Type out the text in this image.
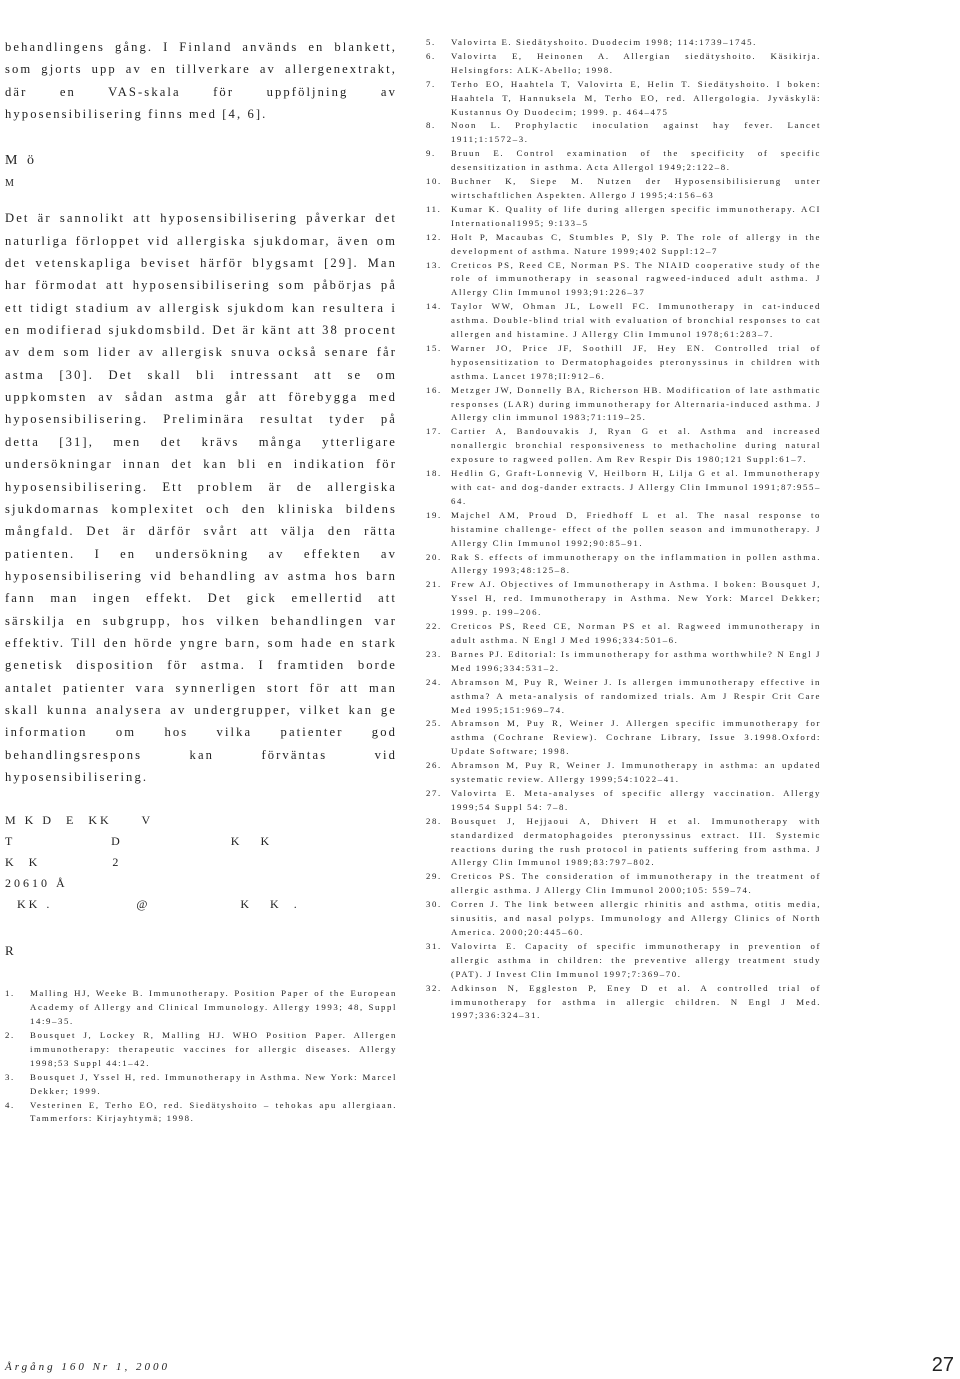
behandlingens gång. I Finland används en blankett, som gjorts upp av en tillverkare av allergenextrakt, där en VAS-skala för uppföljning av hyposensibilisering finns med [4, 6].

M ö
M

Det är sannolikt att hyposensibilisering påverkar det naturliga förloppet vid allergiska sjukdomar, även om det vetenskapliga beviset härför blygsamt [29]. Man har förmodat att hyposensibilisering som påbörjas på ett tidigt stadium av allergisk sjukdom kan resultera i en modifierad sjukdomsbild. Det är känt att 38 procent av dem som lider av allergisk snuva också senare får astma [30]. Det skall bli intressant att se om uppkomsten av sådan astma går att förebygga med hyposensibilisering. Preliminära resultat tyder på detta [31], men det krävs många ytterligare undersökningar innan det kan bli en indikation för hyposensibilisering. Ett problem är de allergiska sjukdomarnas komplexitet och den kliniska bildens mångfald. Det är därför svårt att välja den rätta patienten. I en undersökning av effekten av hyposensibilisering vid behandling av astma hos barn fann man ingen effekt. Det gick emellertid att särskilja en subgrupp, hos vilken behandlingen var effektiv. Till den hörde yngre barn, som hade en stark genetisk disposition för astma. I framtiden borde antalet patienter vara synnerligen stort för att man skall kunna analysera av undergrupper, vilket kan ge information om hos vilka patienter god behandlingsrespons kan förväntas vid hyposensibilisering.

M K D  E  KK     V
T                D                  K   K
K  K            2
20610 Å
KK .              @               K   K  .
R
1. Malling HJ, Weeke B. Immunotherapy. Position Paper of the European Academy of Allergy and Clinical Immunology. Allergy 1993; 48, Suppl 14:9–35.
2. Bousquet J, Lockey R, Malling HJ. WHO Position Paper. Allergen immunotherapy: therapeutic vaccines for allergic diseases. Allergy 1998;53 Suppl 44:1–42.
3. Bousquet J, Yssel H, red. Immunotherapy in Asthma. New York: Marcel Dekker; 1999.
4. Vesterinen E, Terho EO, red. Siedätyshoito – tehokas apu allergiaan. Tammerfors: Kirjayhtymä; 1998.
5. Valovirta E. Siedätyshoito. Duodecim 1998; 114:1739–1745.
6. Valovirta E, Heinonen A. Allergian siedätyshoito. Käsikirja. Helsingfors: ALK-Abello; 1998.
7. Terho EO, Haahtela T, Valovirta E, Helin T. Siedätyshoito. I boken: Haahtela T, Hannuksela M, Terho EO, red. Allergologia. Jyväskylä: Kustannus Oy Duodecim; 1999. p. 464–475
8. Noon L. Prophylactic inoculation against hay fever. Lancet 1911;1:1572–3.
9. Bruun E. Control examination of the specificity of specific desensitization in asthma. Acta Allergol 1949;2:122–8.
10. Buchner K, Siepe M. Nutzen der Hyposensibilisierung unter wirtschaftlichen Aspekten. Allergo J 1995;4:156–63
11. Kumar K. Quality of life during allergen specific immunotherapy. ACI International1995; 9:133–5
12. Holt P, Macaubas C, Stumbles P, Sly P. The role of allergy in the development of asthma. Nature 1999;402 Suppl:12–7
13. Creticos PS, Reed CE, Norman PS. The NIAID cooperative study of the role of immunotherapy in seasonal ragweed-induced adult asthma. J Allergy Clin Immunol 1993;91:226–37
14. Taylor WW, Ohman JL, Lowell FC. Immunotherapy in cat-induced asthma. Double-blind trial with evaluation of bronchial responses to cat allergen and histamine. J Allergy Clin Immunol 1978;61:283–7.
15. Warner JO, Price JF, Soothill JF, Hey EN. Controlled trial of hyposensitization to Dermatophagoides pteronyssinus in children with asthma. Lancet 1978;II:912–6.
16. Metzger JW, Donnelly BA, Richerson HB. Modification of late asthmatic responses (LAR) during immunotherapy for Alternaria-induced asthma. J Allergy clin immunol 1983;71:119–25.
17. Cartier A, Bandouvakis J, Ryan G et al. Asthma and increased nonallergic bronchial responsiveness to methacholine during natural exposure to ragweed pollen. Am Rev Respir Dis 1980;121 Suppl:61–7.
18. Hedlin G, Graft-Lonnevig V, Heilborn H, Lilja G et al. Immunotherapy with cat- and dog-dander extracts. J Allergy Clin Immunol 1991;87:955–64.
19. Majchel AM, Proud D, Friedhoff L et al. The nasal response to histamine challenge- effect of the pollen season and immunotherapy. J Allergy Clin Immunol 1992;90:85–91.
20. Rak S. effects of immunotherapy on the inflammation in pollen asthma. Allergy 1993;48:125–8.
21. Frew AJ. Objectives of Immunotherapy in Asthma. I boken: Bousquet J, Yssel H, red. Immunotherapy in Asthma. New York: Marcel Dekker; 1999. p. 199–206.
22. Creticos PS, Reed CE, Norman PS et al. Ragweed immunotherapy in adult asthma. N Engl J Med 1996;334:501–6.
23. Barnes PJ. Editorial: Is immunotherapy for asthma worthwhile? N Engl J Med 1996;334:531–2.
24. Abramson M, Puy R, Weiner J. Is allergen immunotherapy effective in asthma? A meta-analysis of randomized trials. Am J Respir Crit Care Med 1995;151:969–74.
25. Abramson M, Puy R, Weiner J. Allergen specific immunotherapy for asthma (Cochrane Review). Cochrane Library, Issue 3.1998.Oxford: Update Software; 1998.
26. Abramson M, Puy R, Weiner J. Immunotherapy in asthma: an updated systematic review. Allergy 1999;54:1022–41.
27. Valovirta E. Meta-analyses of specific allergy vaccination. Allergy 1999;54 Suppl 54: 7–8.
28. Bousquet J, Hejjaoui A, Dhivert H et al. Immunotherapy with standardized dermatophagoides pteronyssinus extract. III. Systemic reactions during the rush protocol in patients suffering from asthma. J Allergy Clin Immunol 1989;83:797–802.
29. Creticos PS. The consideration of immunotherapy in the treatment of allergic asthma. J Allergy Clin Immunol 2000;105: 559–74.
30. Corren J. The link between allergic rhinitis and asthma, otitis media, sinusitis, and nasal polyps. Immunology and Allergy Clinics of North America. 2000;20:445–60.
31. Valovirta E. Capacity of specific immunotherapy in prevention of allergic asthma in children: the preventive allergy treatment study (PAT). J Invest Clin Immunol 1997;7:369–70.
32. Adkinson N, Eggleston P, Eney D et al. A controlled trial of immunotherapy for asthma in allergic children. N Engl J Med. 1997;336:324–31.
Årgång 160 Nr 1, 2000	27
